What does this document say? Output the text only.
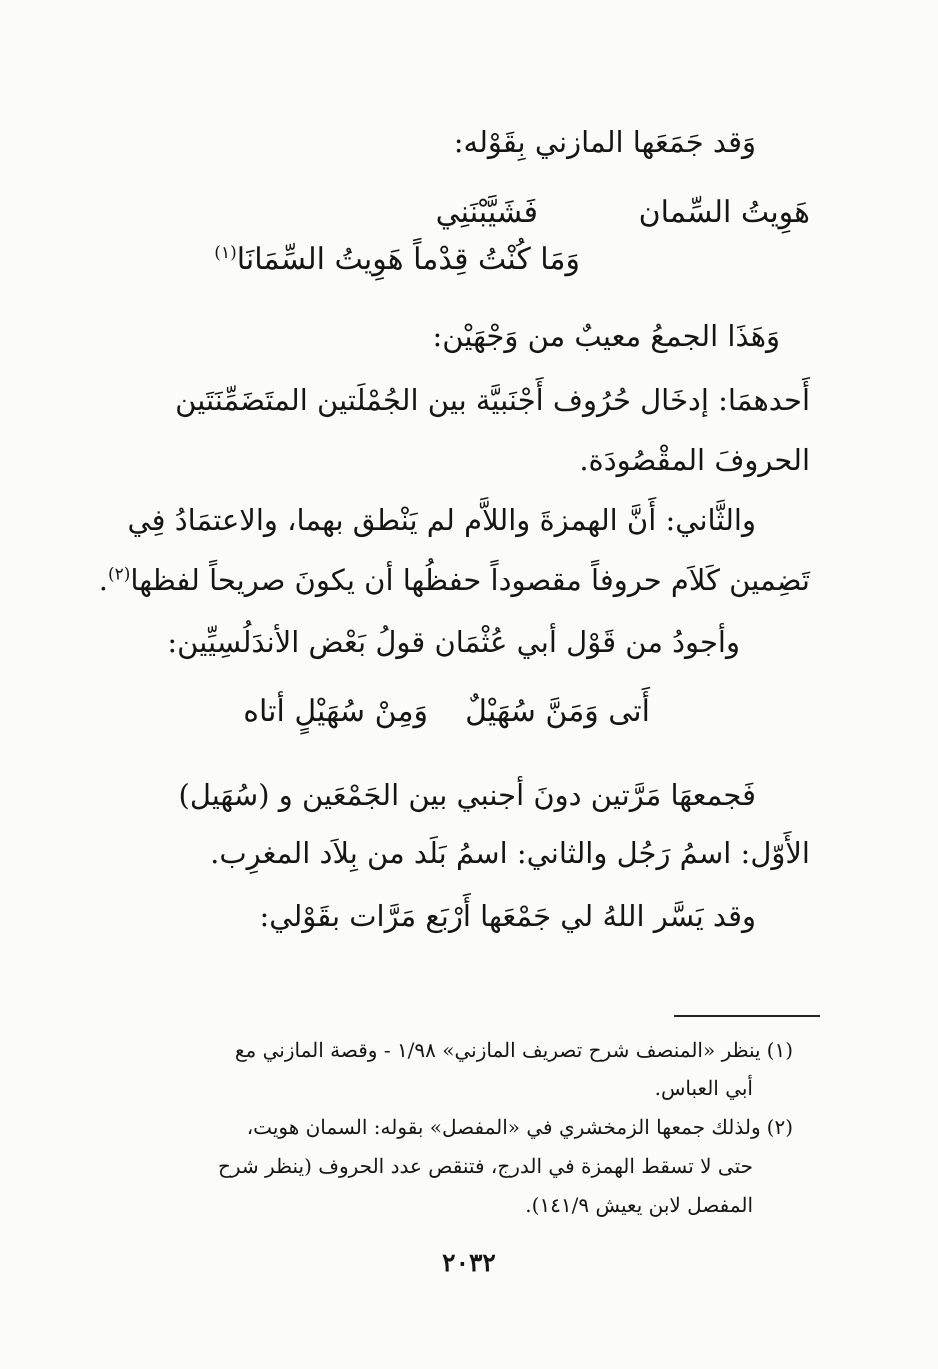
وَقد جَمَعَها المازني بِقَوْله:
هَوِيتُ السِّمان
فَشَيَّبْنَنِي
وَمَا كُنْتُ قِدْماً هَوِيتُ السِّمَانَا$^{(١)}$
وَهَذَا الجمعُ معيبٌ من وَجْهَيْن:
أَحدهمَا: إدخَال حُرُوف أَجْنَبيَّة بين الجُمْلَتين المتَضَمِّنَتَين
الحروفَ المقْصُودَة.
والثَّاني: أَنَّ الهمزةَ واللاَّم لم يَنْطق بهما، والاعتمَادُ فِي
تَضِمين كَلاَم حروفاً مقصوداً حفظُها أن يكونَ صريحاً لفظها$^{(٢)}$.
وأجودُ من قَوْل أبي عُثْمَان قولُ بَعْض الأندَلُسِيِّين:
أَتى وَمَنَّ سُهَيْلٌ
وَمِنْ سُهَيْلٍ أتاه
فَجمعهَا مَرَّتين دونَ أجنبي بين الجَمْعَين و (سُهَيل)
الأَوّل: اسمُ رَجُل والثاني: اسمُ بَلَد من بِلاَد المغرِب.
وقد يَسَّر اللهُ لي جَمْعَها أَرْبَع مَرَّات بقَوْلي:
(١)ينظر «المنصف شرح تصريف المازني» ١/٩٨ - وقصة المازني مع
أبي العباس.
(٢)ولذلك جمعها الزمخشري في «المفصل» بقوله: السمان هويت،
حتى لا تسقط الهمزة في الدرج، فتنقص عدد الحروف (ينظر شرح
المفصل لابن يعيش ١٤١/٩).
٢٠٣٢
